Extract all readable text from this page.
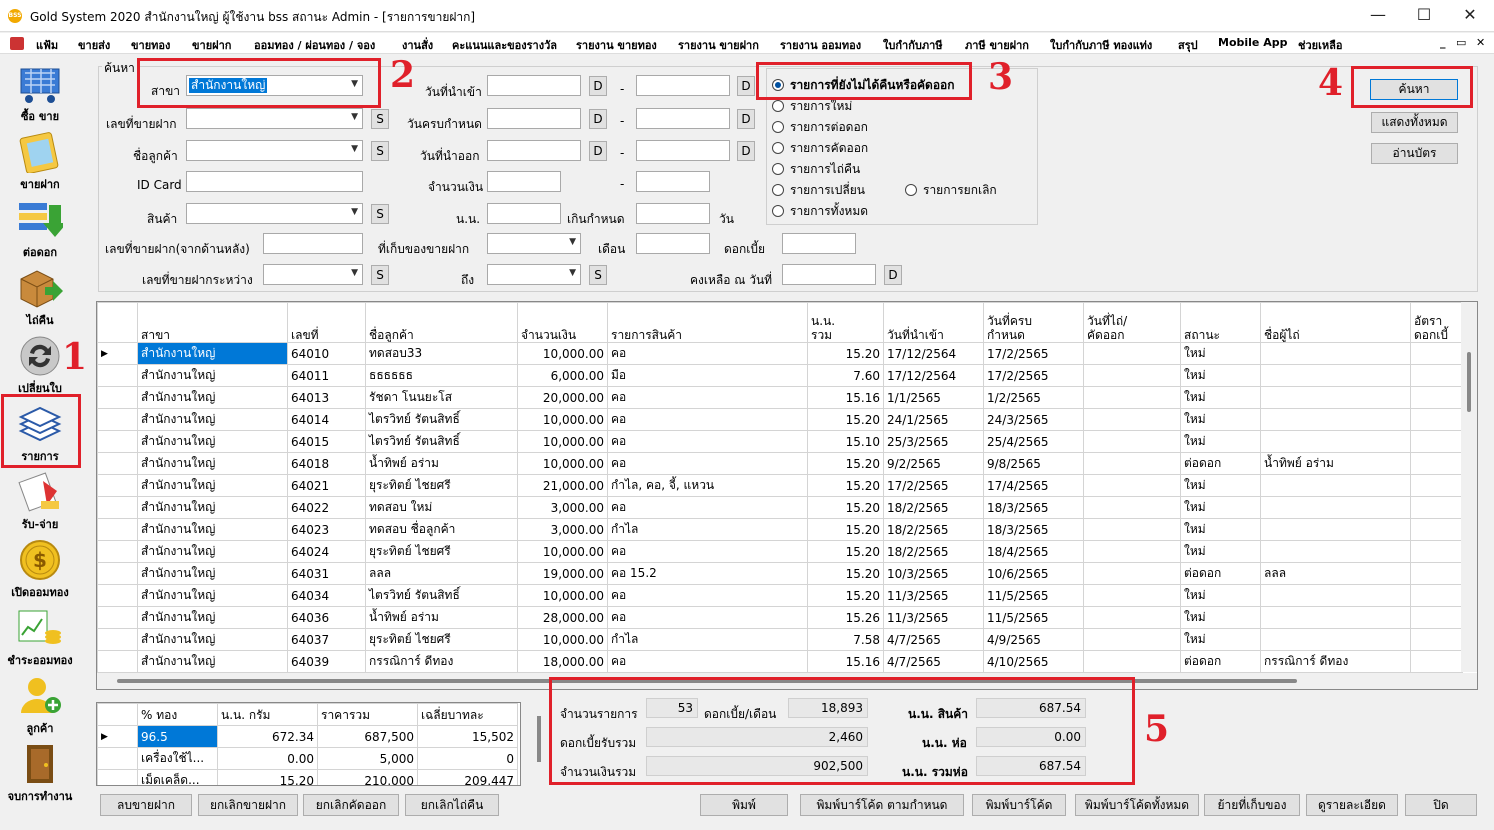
BSS Gold System 2020 สำนักงานใหญ่ ผู้ใช้งาน bss สถานะ Admin - [รายการขายฝาก]	—	☐	✕
แฟ้ม ขายส่ง ขายทอง ขายฝาก ออมทอง / ผ่อนทอง / จอง งานสั่ง คะแนนและของรางวัล รายงาน ขายทอง รายงาน ขายฝาก รายงาน ออมทอง ใบกำกับภาษี ภาษี ขายฝาก ใบกำกับภาษี ทองแท่ง สรุป Mobile App ช่วยเหลือ	_ ▭ ✕
ซื้อ ขาย
ขายฝาก
ต่อดอก
ไถ่คืน
เปลี่ยนใบ
รายการ
รับ-จ่าย
$
เปิดออมทอง
ชำระออมทอง
ลูกค้า
จบการทำงาน
1
ค้นหา
สาขา สำนักงานใหญ่	▼ 2
เลขที่ขายฝาก	▼	S
ชื่อลูกค้า	▼	S
ID Card
สินค้า	▼	S
เลขที่ขายฝาก(จากด้านหลัง)
เลขที่ขายฝากระหว่าง	▼	S
วันที่นำเข้า	D	-	D
วันครบกำหนด	D	-	D
วันที่นำออก	D	-	D
จำนวนเงิน	-
น.น.	เกินกำหนด	วัน
ที่เก็บของขายฝาก	▼ เดือน	ดอกเบี้ย
ถึง	▼	S	คงเหลือ ณ วันที่	D
รายการที่ยังไม่ได้คืนหรือคัดออก
รายการใหม่
รายการต่อดอก
รายการคัดออก
รายการไถ่คืน
รายการเปลี่ยน	รายการยกเลิก
รายการทั้งหมด
3	ค้นหา
4
แสดงทั้งหมด
อ่านบัตร
	สาขา	เลขที่	ชื่อลูกค้า	จำนวนเงิน	รายการสินค้า	น.น.
รวม	วันที่นำเข้า	วันที่ครบ
กำหนด	วันที่ไถ่/
คัดออก	สถานะ	ชื่อผู้ไถ่	อัตรา
ดอกเบี้
▶	สำนักงานใหญ่	64010	ทดสอบ33	10,000.00	คอ	15.20	17/12/2564	17/2/2565		ใหม่		
	สำนักงานใหญ่	64011	ธธธธธธ	6,000.00	มือ	7.60	17/12/2564	17/2/2565		ใหม่		
	สำนักงานใหญ่	64013	รัชดา โนนยะโส	20,000.00	คอ	15.16	1/1/2565	1/2/2565		ใหม่		
	สำนักงานใหญ่	64014	ไตรวิทย์ รัตนสิทธิ์	10,000.00	คอ	15.20	24/1/2565	24/3/2565		ใหม่		
	สำนักงานใหญ่	64015	ไตรวิทย์ รัตนสิทธิ์	10,000.00	คอ	15.10	25/3/2565	25/4/2565		ใหม่		
	สำนักงานใหญ่	64018	น้ำทิพย์ อร่าม	10,000.00	คอ	15.20	9/2/2565	9/8/2565		ต่อดอก	น้ำทิพย์ อร่าม	
	สำนักงานใหญ่	64021	ยุระทิตย์ ไชยศรี	21,000.00	กำไล, คอ, จี้, แหวน	15.20	17/2/2565	17/4/2565		ใหม่		
	สำนักงานใหญ่	64022	ทดสอบ ใหม่	3,000.00	คอ	15.20	18/2/2565	18/3/2565		ใหม่		
	สำนักงานใหญ่	64023	ทดสอบ ชื่อลูกค้า	3,000.00	กำไล	15.20	18/2/2565	18/3/2565		ใหม่		
	สำนักงานใหญ่	64024	ยุระทิตย์ ไชยศรี	10,000.00	คอ	15.20	18/2/2565	18/4/2565		ใหม่		
	สำนักงานใหญ่	64031	ลลล	19,000.00	คอ 15.2	15.20	10/3/2565	10/6/2565		ต่อดอก	ลลล	
	สำนักงานใหญ่	64034	ไตรวิทย์ รัตนสิทธิ์	10,000.00	คอ	15.20	11/3/2565	11/5/2565		ใหม่		
	สำนักงานใหญ่	64036	น้ำทิพย์ อร่าม	28,000.00	คอ	15.26	11/3/2565	11/5/2565		ใหม่		
	สำนักงานใหญ่	64037	ยุระทิตย์ ไชยศรี	10,000.00	กำไล	7.58	4/7/2565	4/9/2565		ใหม่		
	สำนักงานใหญ่	64039	กรรณิการ์ ดีทอง	18,000.00	คอ	15.16	4/7/2565	4/10/2565		ต่อดอก	กรรณิการ์ ดีทอง	
	% ทอง	น.น. กรัม	ราคารวม	เฉลี่ยบาทละ
▶	96.5	672.34	687,500	15,502
	เครื่องใช้ไ...	0.00	5,000	0
	เม็ดเคล็ด...	15.20	210,000	209,447
จำนวนรายการ	53 ดอกเบี้ย/เดือน	18,893	น.น. สินค้า	687.54
ดอกเบี้ยรับรวม	2,460	น.น. ห่อ	0.00
จำนวนเงินรวม	902,500	น.น. รวมห่อ	687.54
5
ลบขายฝาก	ยกเลิกขายฝาก	ยกเลิกคัดออก	ยกเลิกไถ่คืน	พิมพ์	พิมพ์บาร์โค้ด ตามกำหนด	พิมพ์บาร์โค้ด	พิมพ์บาร์โค้ดทั้งหมด	ย้ายที่เก็บของ	ดูรายละเอียด	ปิด
